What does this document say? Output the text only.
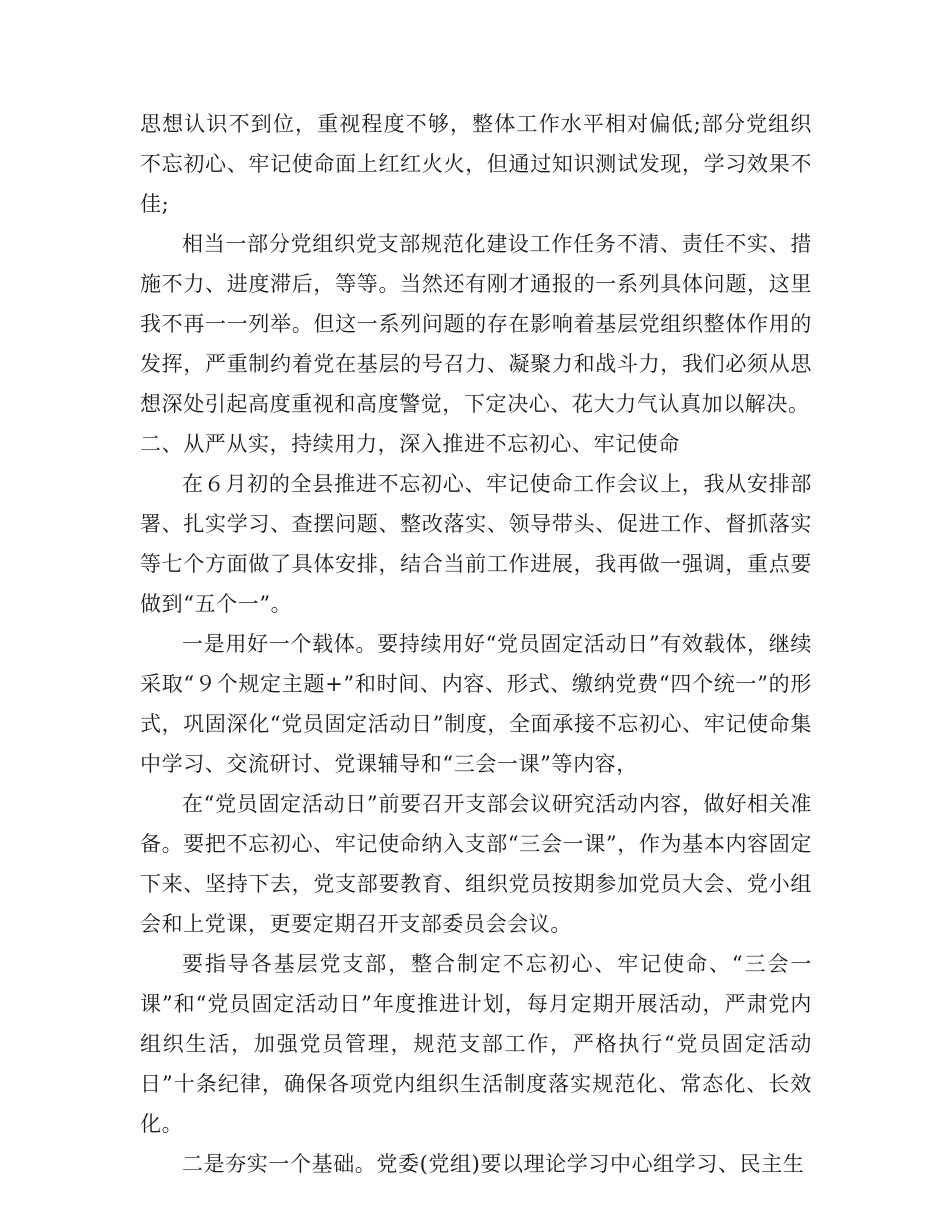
思想认识不到位，重视程度不够，整体工作水平相对偏低;部分党组织不忘初心、牢记使命面上红红火火，但通过知识测试发现，学习效果不佳;

相当一部分党组织党支部规范化建设工作任务不清、责任不实、措施不力、进度滞后，等等。当然还有刚才通报的一系列具体问题，这里我不再一一列举。但这一系列问题的存在影响着基层党组织整体作用的发挥，严重制约着党在基层的号召力、凝聚力和战斗力，我们必须从思想深处引起高度重视和高度警觉，下定决心、花大力气认真加以解决。

二、从严从实，持续用力，深入推进不忘初心、牢记使命

在６月初的全县推进不忘初心、牢记使命工作会议上，我从安排部署、扎实学习、查摆问题、整改落实、领导带头、促进工作、督抓落实等七个方面做了具体安排，结合当前工作进展，我再做一强调，重点要做到“五个一”。

一是用好一个载体。要持续用好“党员固定活动日”有效载体，继续采取“９个规定主题+”和时间、内容、形式、缴纳党费“四个统一”的形式，巩固深化“党员固定活动日”制度，全面承接不忘初心、牢记使命集中学习、交流研讨、党课辅导和“三会一课”等内容，

在“党员固定活动日”前要召开支部会议研究活动内容，做好相关准备。要把不忘初心、牢记使命纳入支部“三会一课”，作为基本内容固定下来、坚持下去，党支部要教育、组织党员按期参加党员大会、党小组会和上党课，更要定期召开支部委员会会议。

要指导各基层党支部，整合制定不忘初心、牢记使命、“三会一课”和“党员固定活动日”年度推进计划，每月定期开展活动，严肃党内组织生活，加强党员管理，规范支部工作，严格执行“党员固定活动日”十条纪律，确保各项党内组织生活制度落实规范化、常态化、长效化。

二是夯实一个基础。党委(党组)要以理论学习中心组学习、民主生
